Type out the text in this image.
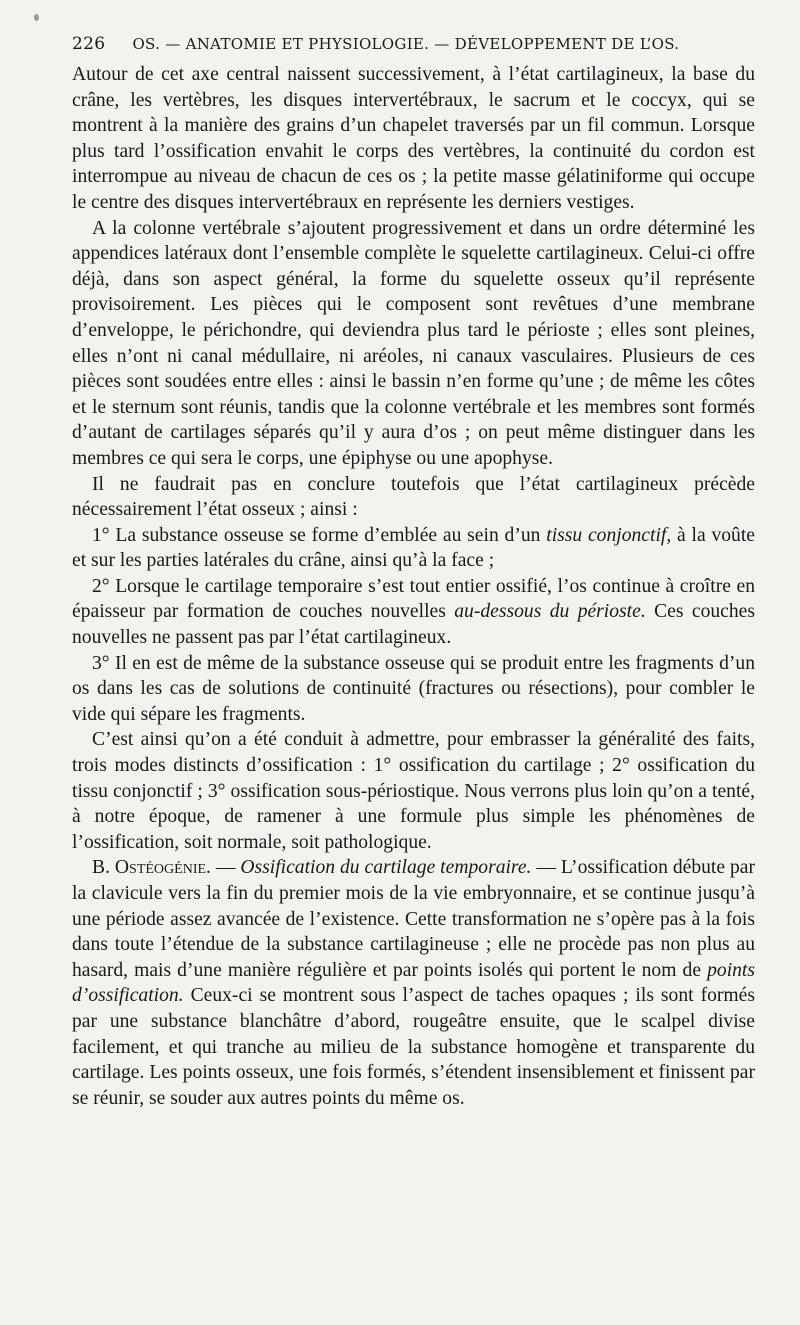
226 OS. — ANATOMIE ET PHYSIOLOGIE. — DÉVELOPPEMENT DE L’OS.

Autour de cet axe central naissent successivement, à l’état cartilagineux, la base du crâne, les vertèbres, les disques intervertébraux, le sacrum et le coccyx, qui se montrent à la manière des grains d’un chapelet traversés par un fil commun. Lorsque plus tard l’ossification envahit le corps des vertèbres, la continuité du cordon est interrompue au niveau de chacun de ces os ; la petite masse gélatiniforme qui occupe le centre des disques intervertébraux en représente les derniers vestiges.

A la colonne vertébrale s’ajoutent progressivement et dans un ordre déterminé les appendices latéraux dont l’ensemble complète le squelette cartilagineux. Celui-ci offre déjà, dans son aspect général, la forme du squelette osseux qu’il représente provisoirement. Les pièces qui le composent sont revêtues d’une membrane d’enveloppe, le périchondre, qui deviendra plus tard le périoste ; elles sont pleines, elles n’ont ni canal médullaire, ni aréoles, ni canaux vasculaires. Plusieurs de ces pièces sont soudées entre elles : ainsi le bassin n’en forme qu’une ; de même les côtes et le sternum sont réunis, tandis que la colonne vertébrale et les membres sont formés d’autant de cartilages séparés qu’il y aura d’os ; on peut même distinguer dans les membres ce qui sera le corps, une épiphyse ou une apophyse.

Il ne faudrait pas en conclure toutefois que l’état cartilagineux précède nécessairement l’état osseux ; ainsi :

1° La substance osseuse se forme d’emblée au sein d’un tissu conjonctif, à la voûte et sur les parties latérales du crâne, ainsi qu’à la face ;

2° Lorsque le cartilage temporaire s’est tout entier ossifié, l’os continue à croître en épaisseur par formation de couches nouvelles au-dessous du périoste. Ces couches nouvelles ne passent pas par l’état cartilagineux.

3° Il en est de même de la substance osseuse qui se produit entre les fragments d’un os dans les cas de solutions de continuité (fractures ou résections), pour combler le vide qui sépare les fragments.

C’est ainsi qu’on a été conduit à admettre, pour embrasser la généralité des faits, trois modes distincts d’ossification : 1° ossification du cartilage ; 2° ossification du tissu conjonctif ; 3° ossification sous-périostique. Nous verrons plus loin qu’on a tenté, à notre époque, de ramener à une formule plus simple les phénomènes de l’ossification, soit normale, soit pathologique.

B. Ostéogénie. — Ossification du cartilage temporaire. — L’ossification débute par la clavicule vers la fin du premier mois de la vie embryonnaire, et se continue jusqu’à une période assez avancée de l’existence. Cette transformation ne s’opère pas à la fois dans toute l’étendue de la substance cartilagineuse ; elle ne procède pas non plus au hasard, mais d’une manière régulière et par points isolés qui portent le nom de points d’ossification. Ceux-ci se montrent sous l’aspect de taches opaques ; ils sont formés par une substance blanchâtre d’abord, rougeâtre ensuite, que le scalpel divise facilement, et qui tranche au milieu de la substance homogène et transparente du cartilage. Les points osseux, une fois formés, s’étendent insensiblement et finissent par se réunir, se souder aux autres points du même os.
